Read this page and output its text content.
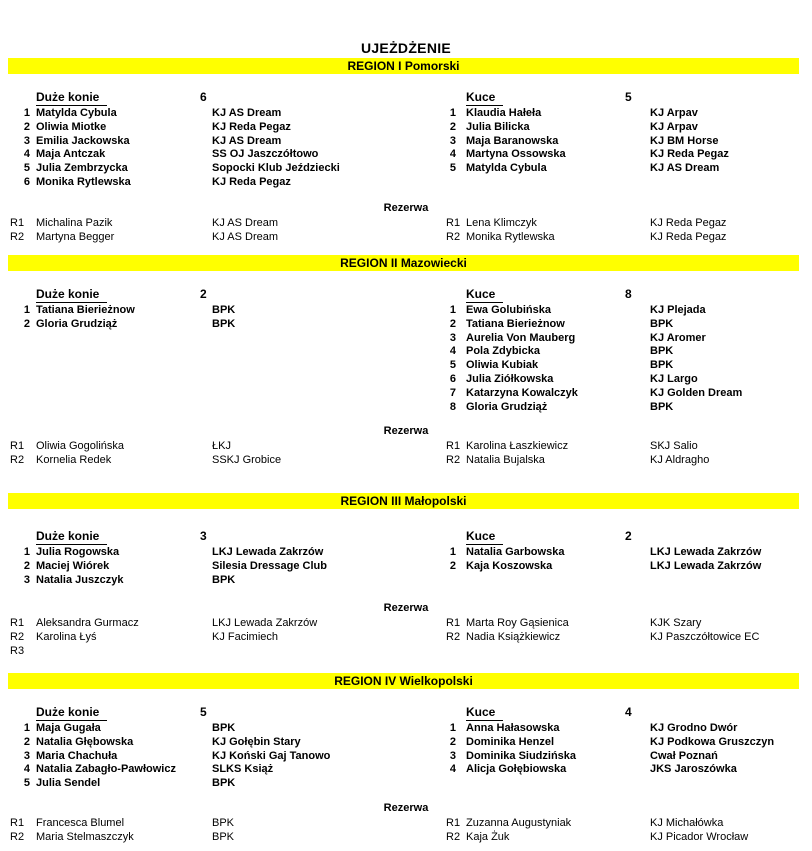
UJEŻDŻENIE
REGION I Pomorski
Duże konie	6
1 Matylda Cybula	KJ AS Dream
2 Oliwia Miotke	KJ Reda Pegaz
3 Emilia Jackowska	KJ AS Dream
4 Maja Antczak	SS OJ Jaszczółtowo
5 Julia Zembrzycka	Sopocki Klub Jeździecki
6 Monika Rytlewska	KJ Reda Pegaz
Kuce	5
1 Klaudia Hałeła	KJ Arpav
2 Julia Bilicka	KJ Arpav
3 Maja Baranowska	KJ BM Horse
4 Martyna Ossowska	KJ Reda Pegaz
5 Matylda Cybula	KJ AS Dream
Rezerwa
R1 Michalina Pazik	KJ AS Dream
R2 Martyna Begger	KJ AS Dream
R1 Lena Klimczyk	KJ Reda Pegaz
R2 Monika Rytlewska	KJ Reda Pegaz
REGION II Mazowiecki
Duże konie	2
1 Tatiana Bierieżnow	BPK
2 Gloria Grudziąż	BPK
Kuce	8
1 Ewa Golubińska	KJ Plejada
2 Tatiana Bierieżnow	BPK
3 Aurelia Von Mauberg	KJ Aromer
4 Pola Zdybicka	BPK
5 Oliwia Kubiak	BPK
6 Julia Ziółkowska	KJ Largo
7 Katarzyna Kowalczyk	KJ Golden Dream
8 Gloria Grudziąż	BPK
Rezerwa
R1 Oliwia Gogolińska	ŁKJ
R2 Kornelia Redek	SSKJ Grobice
R1 Karolina Łaszkiewicz	SKJ Salio
R2 Natalia Bujalska	KJ Aldragho
REGION III Małopolski
Duże konie	3
1 Julia Rogowska	LKJ Lewada Zakrzów
2 Maciej Wiórek	Silesia Dressage Club
3 Natalia Juszczyk	BPK
Kuce	2
1 Natalia Garbowska	LKJ Lewada Zakrzów
2 Kaja Koszowska	LKJ Lewada Zakrzów
Rezerwa
R1 Aleksandra Gurmacz	LKJ Lewada Zakrzów
R2 Karolina Łyś	KJ Facimiech
R3
R1 Marta Roy Gąsienica	KJK Szary
R2 Nadia Książkiewicz	KJ Paszczółtowice EC
REGION IV Wielkopolski
Duże konie	5
1 Maja Gugała	BPK
2 Natalia Głębowska	KJ Gołębin Stary
3 Maria Chachuła	KJ Koński Gaj Tanowo
4 Natalia Zabagło-Pawłowicz	SLKS Książ
5 Julia Sendel	BPK
Kuce	4
1 Anna Hałasowska	KJ Grodno Dwór
2 Dominika Henzel	KJ Podkowa Gruszczyn
3 Dominika Siudzińska	Cwał Poznań
4 Alicja Gołębiowska	JKS Jaroszówka
Rezerwa
R1 Francesca Blumel	BPK
R2 Maria Stelmaszczyk	BPK
R1 Zuzanna Augustyniak	KJ Michałówka
R2 Kaja Żuk	KJ Picador Wrocław
